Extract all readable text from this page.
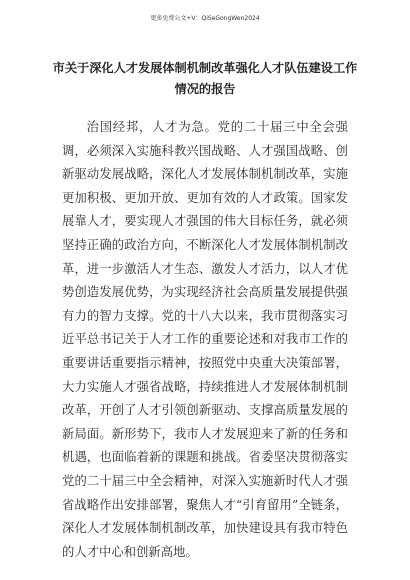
更多免费公文+V：QiSeGongWen2024
市关于深化人才发展体制机制改革强化人才队伍建设工作
情况的报告

治国经邦，人才为急。党的二十届三中全会强调，必须深入实施科教兴国战略、人才强国战略、创新驱动发展战略，深化人才发展体制机制改革，实施更加积极、更加开放、更加有效的人才政策。国家发展靠人才，要实现人才强国的伟大目标任务，就必须坚持正确的政治方向，不断深化人才发展体制机制改革，进一步激活人才生态、激发人才活力，以人才优势创造发展优势，为实现经济社会高质量发展提供强有力的智力支撑。党的十八大以来，我市贯彻落实习近平总书记关于人才工作的重要论述和对我市工作的重要讲话重要指示精神，按照党中央重大决策部署，大力实施人才强省战略，持续推进人才发展体制机制改革，开创了人才引领创新驱动、支撑高质量发展的新局面。新形势下，我市人才发展迎来了新的任务和机遇，也面临着新的课题和挑战。省委坚决贯彻落实党的二十届三中全会精神，对深入实施新时代人才强省战略作出安排部署，聚焦人才“引育留用”全链条，深化人才发展体制机制改革，加快建设具有我市特色的人才中心和创新高地。
